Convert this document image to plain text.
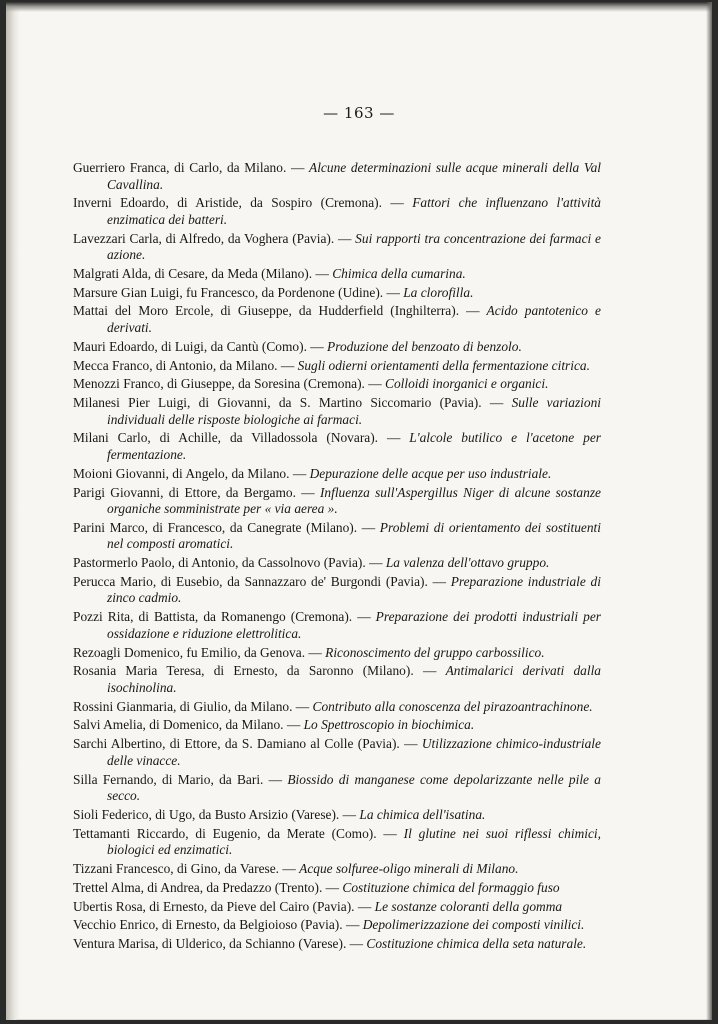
— 163 —

Guerriero Franca, di Carlo, da Milano. — Alcune determinazioni sulle acque minerali della Val Cavallina.

Inverni Edoardo, di Aristide, da Sospiro (Cremona). — Fattori che influenzano l'attività enzimatica dei batteri.

Lavezzari Carla, di Alfredo, da Voghera (Pavia). — Sui rapporti tra concentrazione dei farmaci e azione.

Malgrati Alda, di Cesare, da Meda (Milano). — Chimica della cumarina.

Marsure Gian Luigi, fu Francesco, da Pordenone (Udine). — La clorofilla.

Mattai del Moro Ercole, di Giuseppe, da Hudderfield (Inghilterra). — Acido pantotenico e derivati.

Mauri Edoardo, di Luigi, da Cantù (Como). — Produzione del benzoato di benzolo.

Mecca Franco, di Antonio, da Milano. — Sugli odierni orientamenti della fermentazione citrica.

Menozzi Franco, di Giuseppe, da Soresina (Cremona). — Colloidi inorganici e organici.

Milanesi Pier Luigi, di Giovanni, da S. Martino Siccomario (Pavia). — Sulle variazioni individuali delle risposte biologiche ai farmaci.

Milani Carlo, di Achille, da Villadossola (Novara). — L'alcole butilico e l'acetone per fermentazione.

Moioni Giovanni, di Angelo, da Milano. — Depurazione delle acque per uso industriale.

Parigi Giovanni, di Ettore, da Bergamo. — Influenza sull'Aspergillus Niger di alcune sostanze organiche somministrate per « via aerea ».

Parini Marco, di Francesco, da Canegrate (Milano). — Problemi di orientamento dei sostituenti nel composti aromatici.

Pastormerlo Paolo, di Antonio, da Cassolnovo (Pavia). — La valenza dell'ottavo gruppo.

Perucca Mario, di Eusebio, da Sannazzaro de' Burgondi (Pavia). — Preparazione industriale di zinco cadmio.

Pozzi Rita, di Battista, da Romanengo (Cremona). — Preparazione dei prodotti industriali per ossidazione e riduzione elettrolitica.

Rezoagli Domenico, fu Emilio, da Genova. — Riconoscimento del gruppo carbossilico.

Rosania Maria Teresa, di Ernesto, da Saronno (Milano). — Antimalarici derivati dalla isochinolina.

Rossini Gianmaria, di Giulio, da Milano. — Contributo alla conoscenza del pirazoantrachinone.

Salvi Amelia, di Domenico, da Milano. — Lo Spettroscopio in biochimica.

Sarchi Albertino, di Ettore, da S. Damiano al Colle (Pavia). — Utilizzazione chimico-industriale delle vinacce.

Silla Fernando, di Mario, da Bari. — Biossido di manganese come depolarizzante nelle pile a secco.

Sioli Federico, di Ugo, da Busto Arsizio (Varese). — La chimica dell'isatina.

Tettamanti Riccardo, di Eugenio, da Merate (Como). — Il glutine nei suoi riflessi chimici, biologici ed enzimatici.

Tizzani Francesco, di Gino, da Varese. — Acque solfuree-oligo minerali di Milano.

Trettel Alma, di Andrea, da Predazzo (Trento). — Costituzione chimica del formaggio fuso

Ubertis Rosa, di Ernesto, da Pieve del Cairo (Pavia). — Le sostanze coloranti della gomma

Vecchio Enrico, di Ernesto, da Belgioioso (Pavia). — Depolimerizzazione dei composti vinilici.

Ventura Marisa, di Ulderico, da Schianno (Varese). — Costituzione chimica della seta naturale.
